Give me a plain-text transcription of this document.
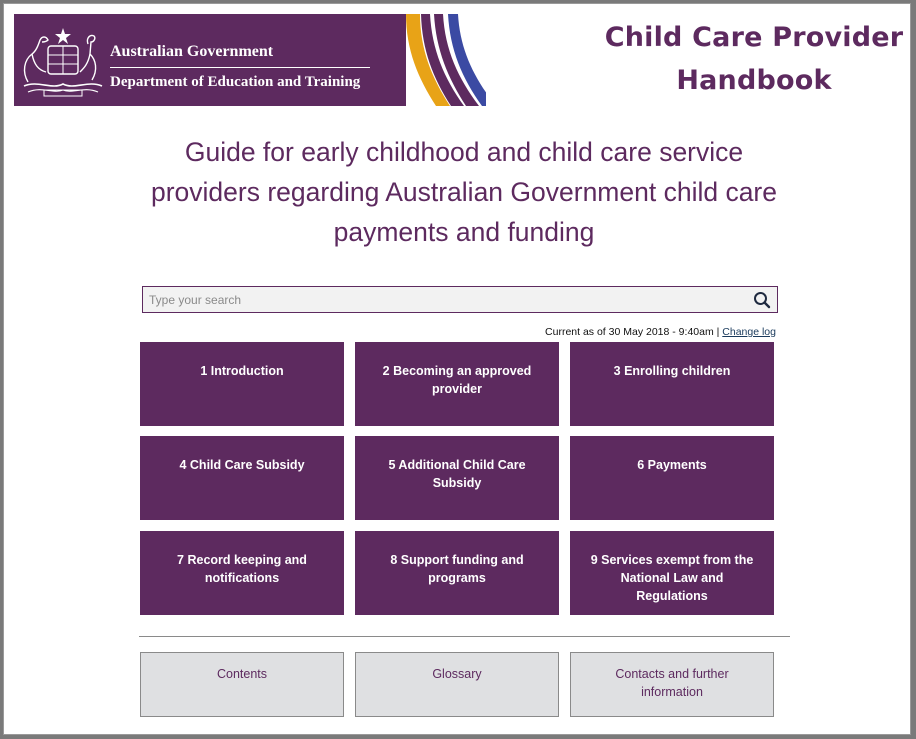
Australian Government
Department of Education and Training
Child Care Provider
Handbook
Guide for early childhood and child care service
providers regarding Australian Government child care
payments and funding
Type your search
Current as of 30 May 2018 - 9:40am | Change log
1 Introduction	2 Becoming an approved
provider
3 Enrolling children
4 Child Care Subsidy	5 Additional Child Care
Subsidy
6 Payments
7 Record keeping and
notifications
8 Support funding and
programs
9 Services exempt from the
National Law and Regulations
Contents	Glossary	Contacts and further
information
